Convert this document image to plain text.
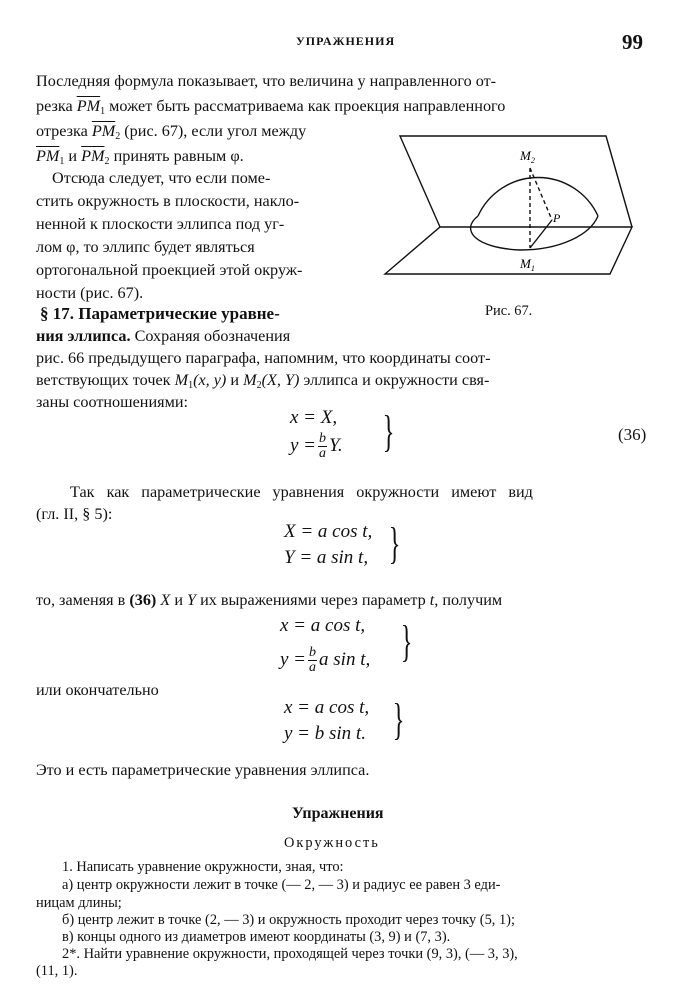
УПРАЖНЕНИЯ	99
Последняя формула показывает, что величина y направленного от-
резка $\overline{PM}_1$ может быть рассматриваема как проекция направленного
отрезка $\overline{PM}_2$ (рис. 67), если угол между
$\overline{PM}_1$ и $\overline{PM}_2$ принять равным φ.
Отсюда следует, что если поме-
стить окружность в плоскости, накло-
ненной к плоскости эллипса под уг-
лом φ, то эллипс будет являться
ортогональной проекцией этой окруж-
ности (рис. 67).
$M_2$
P
$M_1$
Рис. 67.
§ 17. Параметрические уравне-
ния эллипса. Сохраняя обозначения
рис. 66 предыдущего параграфа, напомним, что координаты соот-
ветствующих точек $M_1(x$, y) и $M_2(X$, Y) эллипса и окружности свя-
заны соотношениями:
x = X,
$y = \frac{b}{a} Y$. }	(36)
Так как параметрические уравнения окружности имеют вид
(гл. II, § 5):
X = a cos t,
Y = a sin t, }
то, заменяя в (36) X и Y их выражениями через параметр t, получим
x = a cos t,
$y = \frac{b}{a}$ a sin t, }
или окончательно
x = a cos t,
y = b sin t. }
Это и есть параметрические уравнения эллипса.
Упражнения
Окружность
1. Написать уравнение окружности, зная, что:
а) центр окружности лежит в точке (— 2, — 3) и радиус ее равен 3 еди-
ницам длины;
б) центр лежит в точке (2, — 3) и окружность проходит через точку (5, 1);
в) концы одного из диаметров имеют координаты (3, 9) и (7, 3).
2*. Найти уравнение окружности, проходящей через точки (9, 3), (— 3, 3),
(11, 1).
